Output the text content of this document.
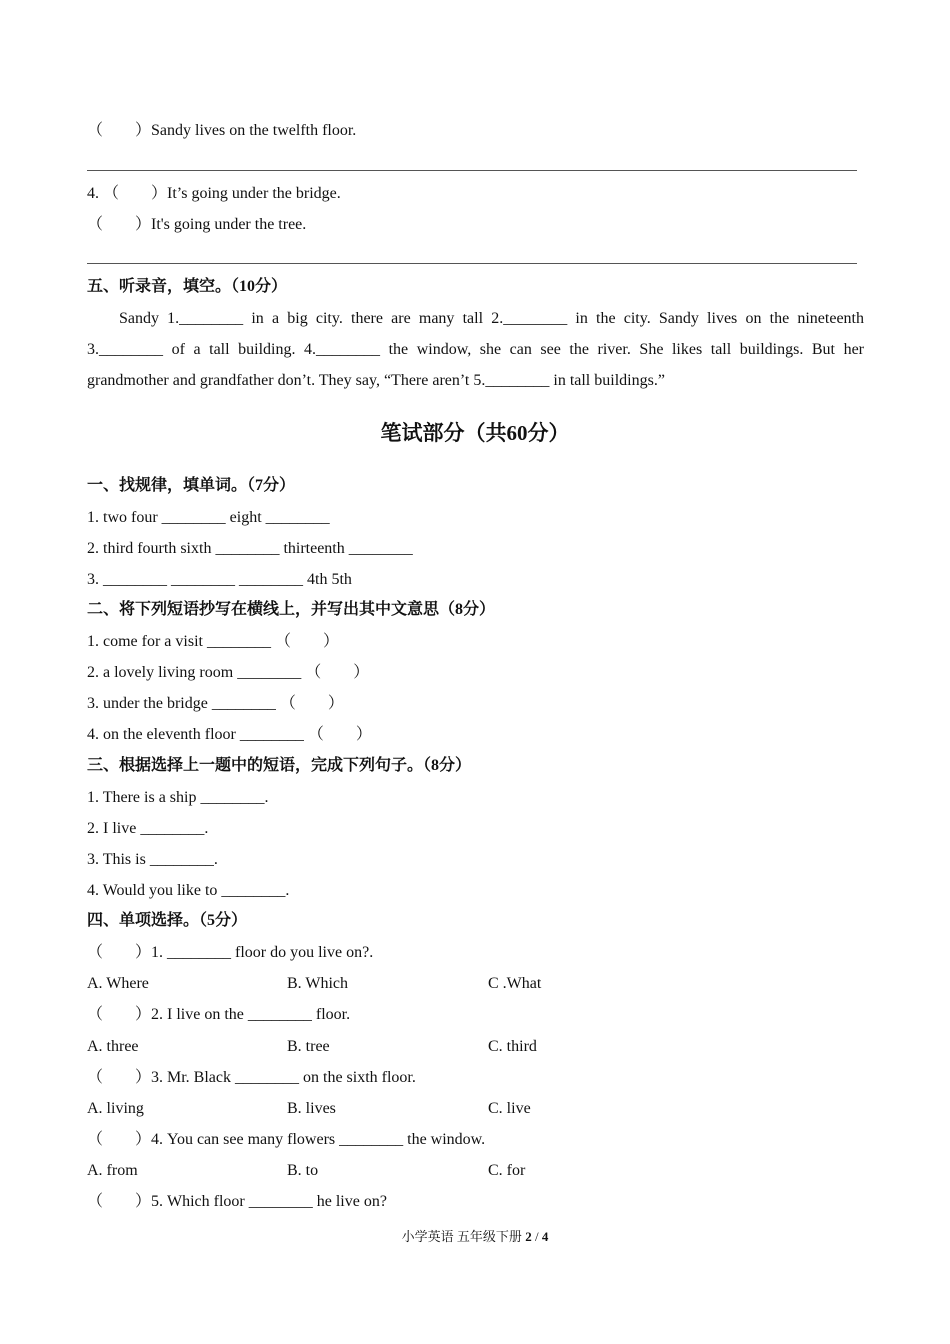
（　　）Sandy lives on the twelfth floor.
4. （　　）It’s going under the bridge.
（　　）It's going under the tree.
五、听录音，填空。（10分）
Sandy 1.________ in a big city. there are many tall 2.________ in the city. Sandy lives on the nineteenth
3.________ of a tall building. 4.________ the window, she can see the river. She likes tall buildings. But her
grandmother and grandfather don’t. They say, “There aren’t 5.________ in tall buildings.”
笔试部分（共60分）
一、找规律，填单词。（7分）
1. two four ________ eight ________
2. third fourth sixth ________ thirteenth ________
3. ________ ________ ________ 4th 5th
二、将下列短语抄写在横线上，并写出其中文意思（8分）
1. come for a visit ________ （　　）
2. a lovely living room ________ （　　）
3. under the bridge ________ （　　）
4. on the eleventh floor ________ （　　）
三、根据选择上一题中的短语，完成下列句子。（8分）
1. There is a ship ________.
2. I live ________.
3. This is ________.
4. Would you like to ________.
四、单项选择。（5分）
（　　）1. ________ floor do you live on?.
A. Where	B. Which	C .What
（　　）2. I live on the ________ floor.
A. three	B. tree	C. third
（　　）3. Mr. Black ________ on the sixth floor.
A. living	B. lives	C. live
（　　）4. You can see many flowers ________ the window.
A. from	B. to	C. for
（　　）5. Which floor ________ he live on?
小学英语 五年级下册 2 / 4
